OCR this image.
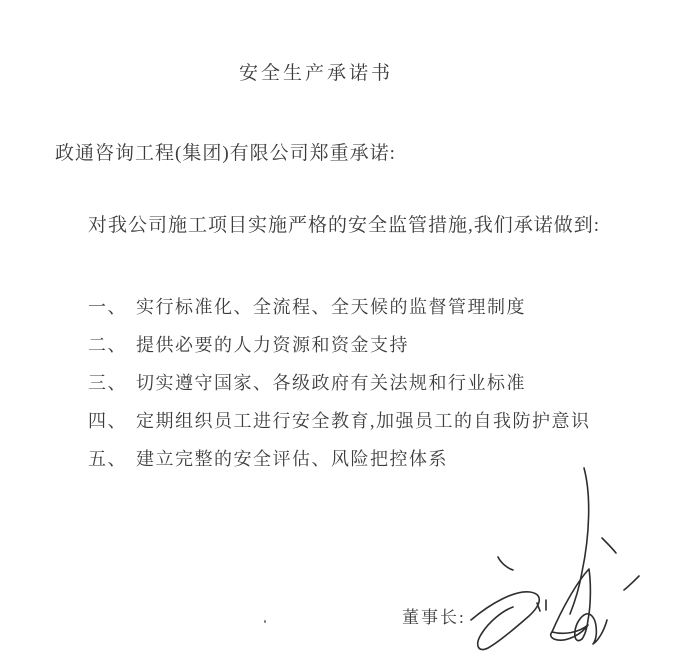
安全生产承诺书
政通咨询工程(集团)有限公司郑重承诺:
对我公司施工项目实施严格的安全监管措施,我们承诺做到:
一、 实行标准化、全流程、全天候的监督管理制度
二、 提供必要的人力资源和资金支持
三、 切实遵守国家、各级政府有关法规和行业标准
四、 定期组织员工进行安全教育,加强员工的自我防护意识
五、 建立完整的安全评估、风险把控体系
董事长:
